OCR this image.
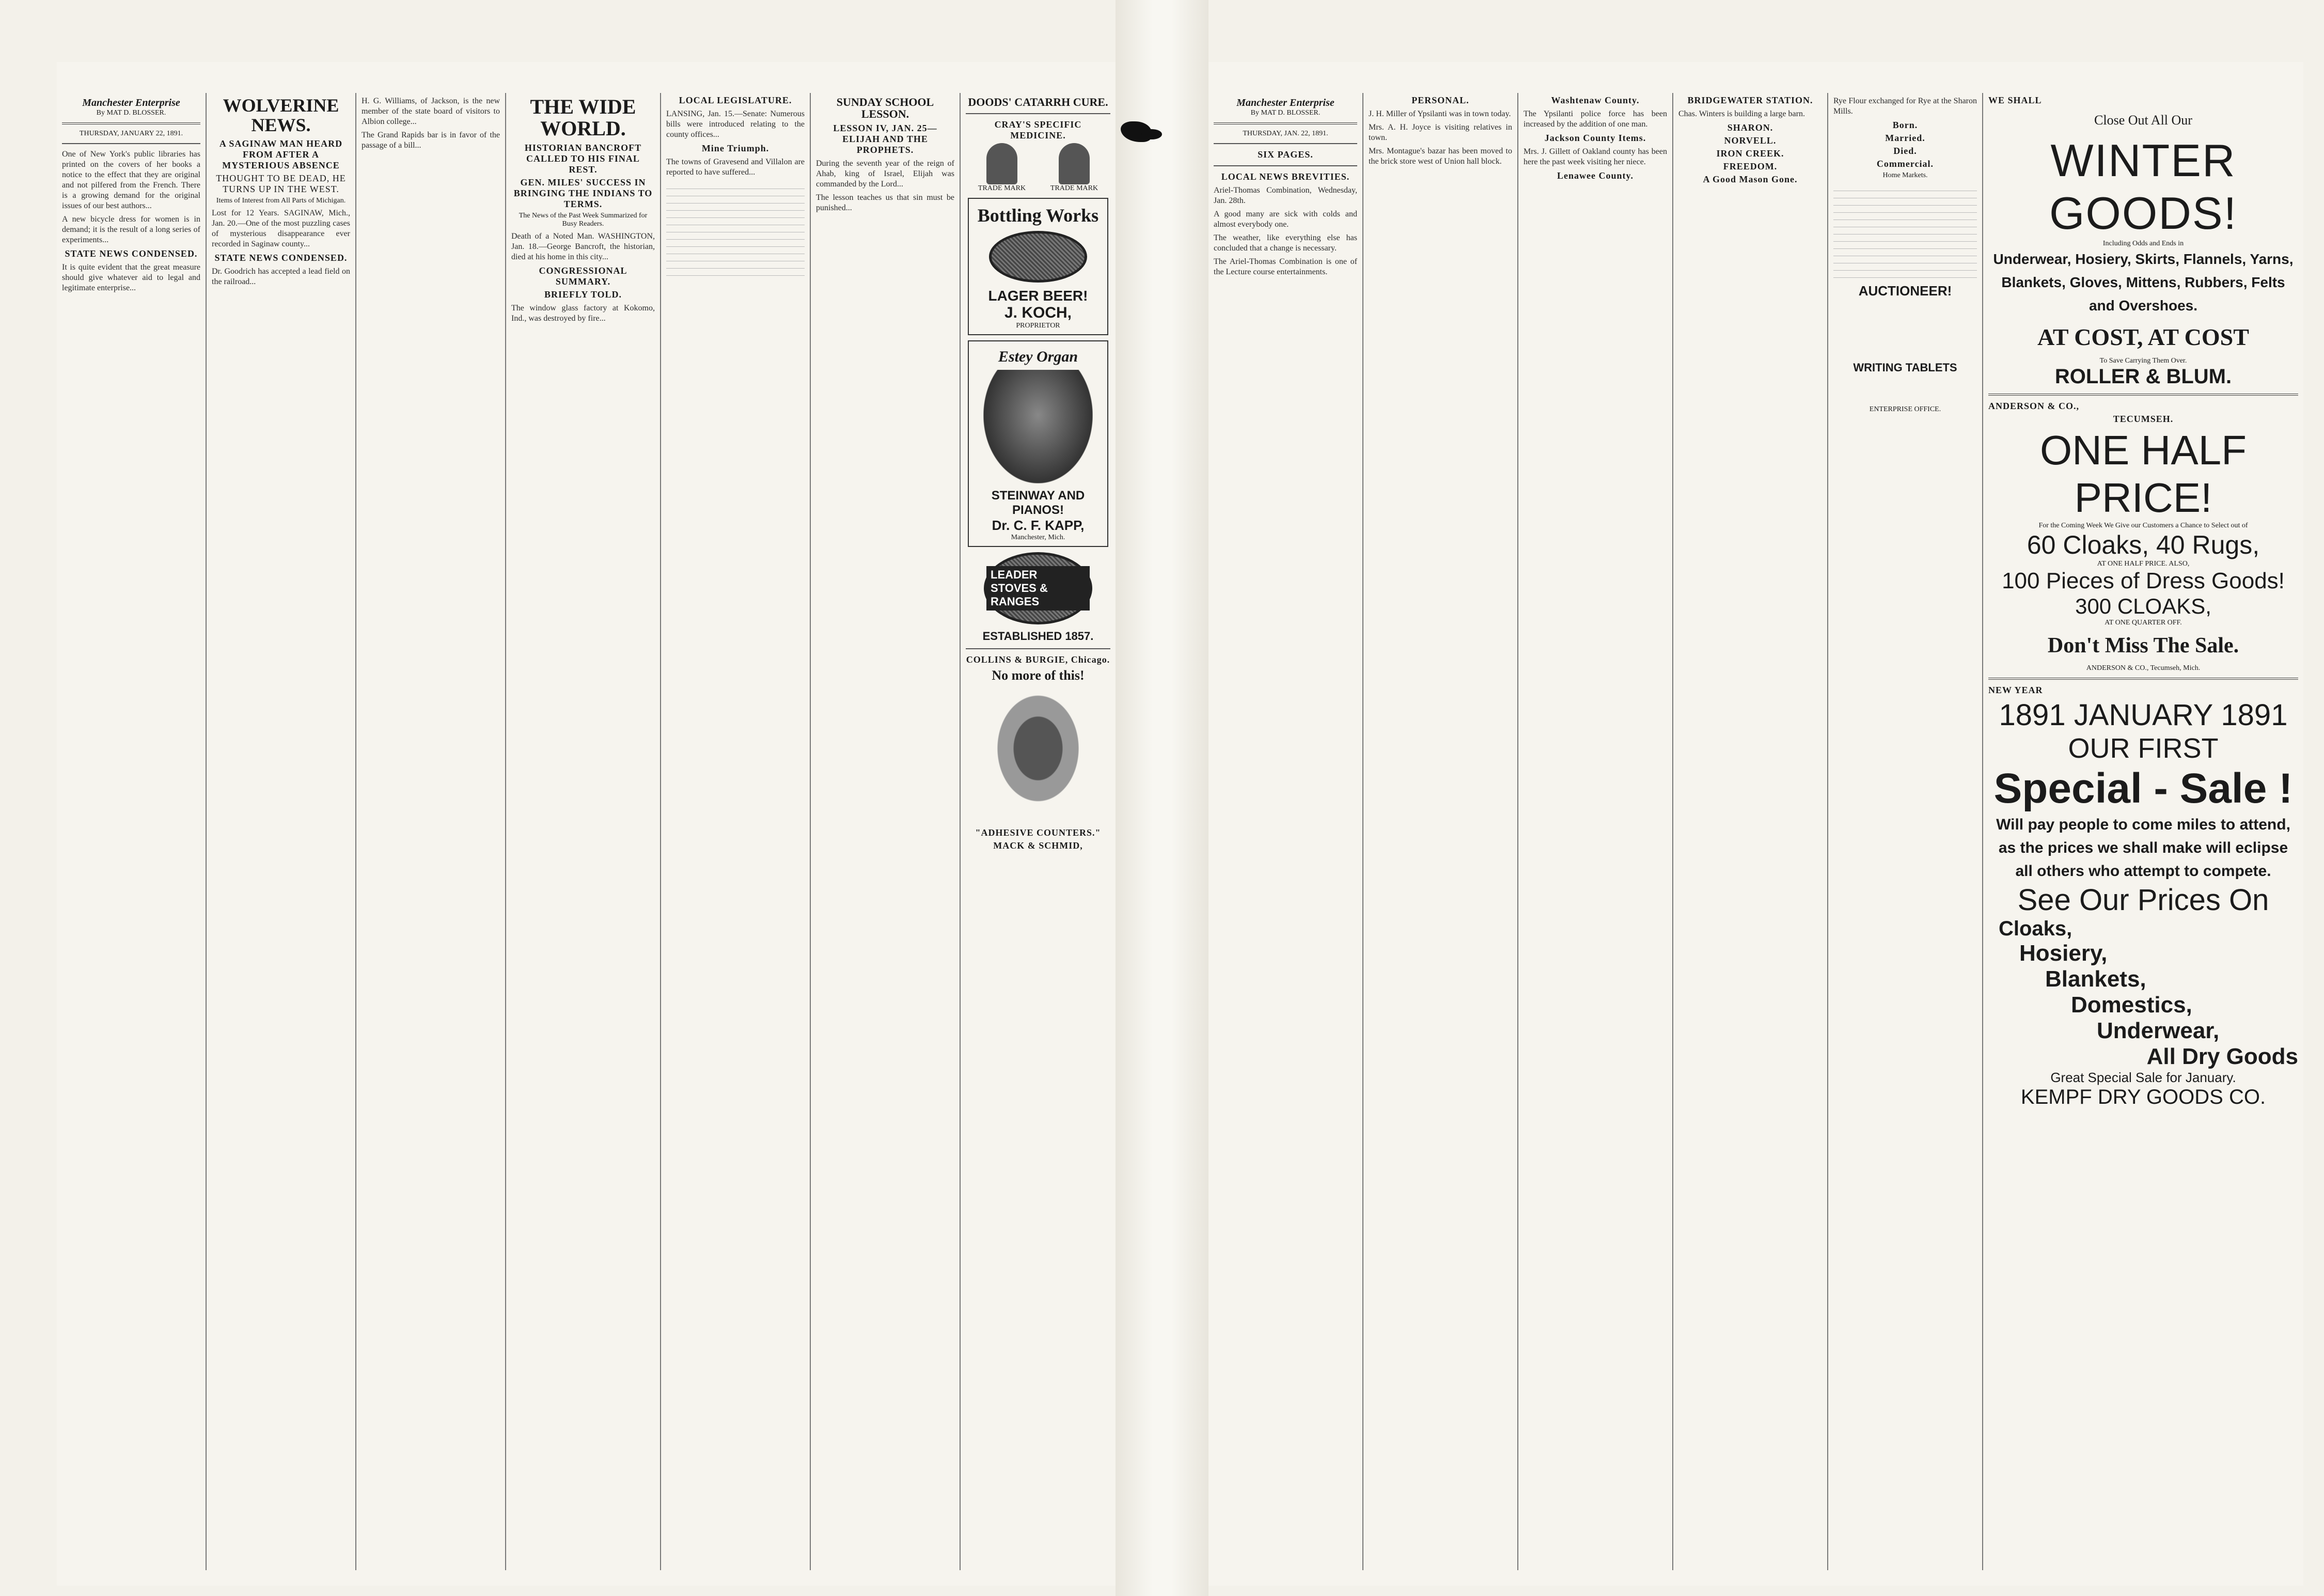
Manchester Enterprise
By MAT D. BLOSSER.
THURSDAY, JANUARY 22, 1891.

One of New York's public libraries has printed on the covers of her books a notice to the effect that they are original and not pilfered from the French. There is a growing demand for the original issues of our best authors...

A new bicycle dress for women is in demand; it is the result of a long series of experiments...

STATE NEWS CONDENSED.

It is quite evident that the great measure should give whatever aid to legal and legitimate enterprise...

WOLVERINE NEWS.
A SAGINAW MAN HEARD FROM AFTER A MYSTERIOUS ABSENCE
THOUGHT TO BE DEAD, HE TURNS UP IN THE WEST.
Items of Interest from All Parts of Michigan.

Lost for 12 Years. SAGINAW, Mich., Jan. 20.—One of the most puzzling cases of mysterious disappearance ever recorded in Saginaw county...

STATE NEWS CONDENSED.

Dr. Goodrich has accepted a lead field on the railroad...

H. G. Williams, of Jackson, is the new member of the state board of visitors to Albion college...

The Grand Rapids bar is in favor of the passage of a bill...

THE WIDE WORLD.
HISTORIAN BANCROFT CALLED TO HIS FINAL REST.
GEN. MILES' SUCCESS IN BRINGING THE INDIANS TO TERMS.
The News of the Past Week Summarized for Busy Readers.

Death of a Noted Man. WASHINGTON, Jan. 18.—George Bancroft, the historian, died at his home in this city...

CONGRESSIONAL SUMMARY.
BRIEFLY TOLD.

The window glass factory at Kokomo, Ind., was destroyed by fire...

LOCAL LEGISLATURE.

LANSING, Jan. 15.—Senate: Numerous bills were introduced relating to the county offices...

Mine Triumph.

The towns of Gravesend and Villalon are reported to have suffered...

SUNDAY SCHOOL LESSON.
LESSON IV, JAN. 25—ELIJAH AND THE PROPHETS.

During the seventh year of the reign of Ahab, king of Israel, Elijah was commanded by the Lord...

The lesson teaches us that sin must be punished...

DOODS' CATARRH CURE.
CRAY'S SPECIFIC MEDICINE.
TRADE MARK	TRADE MARK
Bottling Works
LAGER BEER!
J. KOCH,
PROPRIETOR
Estey Organ
STEINWAY AND PIANOS!
Dr. C. F. KAPP,
Manchester, Mich.
LEADER STOVES & RANGES
ESTABLISHED 1857.
COLLINS & BURGIE, Chicago.
No more of this!
"ADHESIVE COUNTERS."
MACK & SCHMID,
Manchester Enterprise
By MAT D. BLOSSER.
THURSDAY, JAN. 22, 1891.
SIX PAGES.
LOCAL NEWS BREVITIES.

Ariel-Thomas Combination, Wednesday, Jan. 28th.

A good many are sick with colds and almost everybody one.

The weather, like everything else has concluded that a change is necessary.

The Ariel-Thomas Combination is one of the Lecture course entertainments.

PERSONAL.

J. H. Miller of Ypsilanti was in town today.

Mrs. A. H. Joyce is visiting relatives in town.

Mrs. Montague's bazar has been moved to the brick store west of Union hall block.

Washtenaw County.

The Ypsilanti police force has been increased by the addition of one man.

Jackson County Items.

Mrs. J. Gillett of Oakland county has been here the past week visiting her niece.

Lenawee County.
BRIDGEWATER STATION.

Chas. Winters is building a large barn.

SHARON.
NORVELL.
IRON CREEK.
FREEDOM.
A Good Mason Gone.

Rye Flour exchanged for Rye at the Sharon Mills.

Born.
Married.
Died.
Commercial.
Home Markets.
AUCTIONEER!
WRITING TABLETS
ENTERPRISE OFFICE.
WE SHALL
Close Out All Our
WINTER GOODS!
Including Odds and Ends in
Underwear, Hosiery, Skirts, Flannels, Yarns, Blankets, Gloves, Mittens, Rubbers, Felts and Overshoes.
AT COST, AT COST
To Save Carrying Them Over.
ROLLER & BLUM.
ANDERSON & CO.,
TECUMSEH.
ONE HALF PRICE!
For the Coming Week We Give our Customers a Chance to Select out of
60 Cloaks, 40 Rugs,
AT ONE HALF PRICE. ALSO,
100 Pieces of Dress Goods!
300 CLOAKS,
AT ONE QUARTER OFF.
Don't Miss The Sale.
ANDERSON & CO., Tecumseh, Mich.
NEW YEAR
1891 JANUARY 1891
OUR FIRST
Special - Sale !
Will pay people to come miles to attend, as the prices we shall make will eclipse all others who attempt to compete.
See Our Prices On
Cloaks,
Hosiery,
Blankets,
Domestics,
Underwear,
All Dry Goods
Great Special Sale for January.
KEMPF DRY GOODS CO.
